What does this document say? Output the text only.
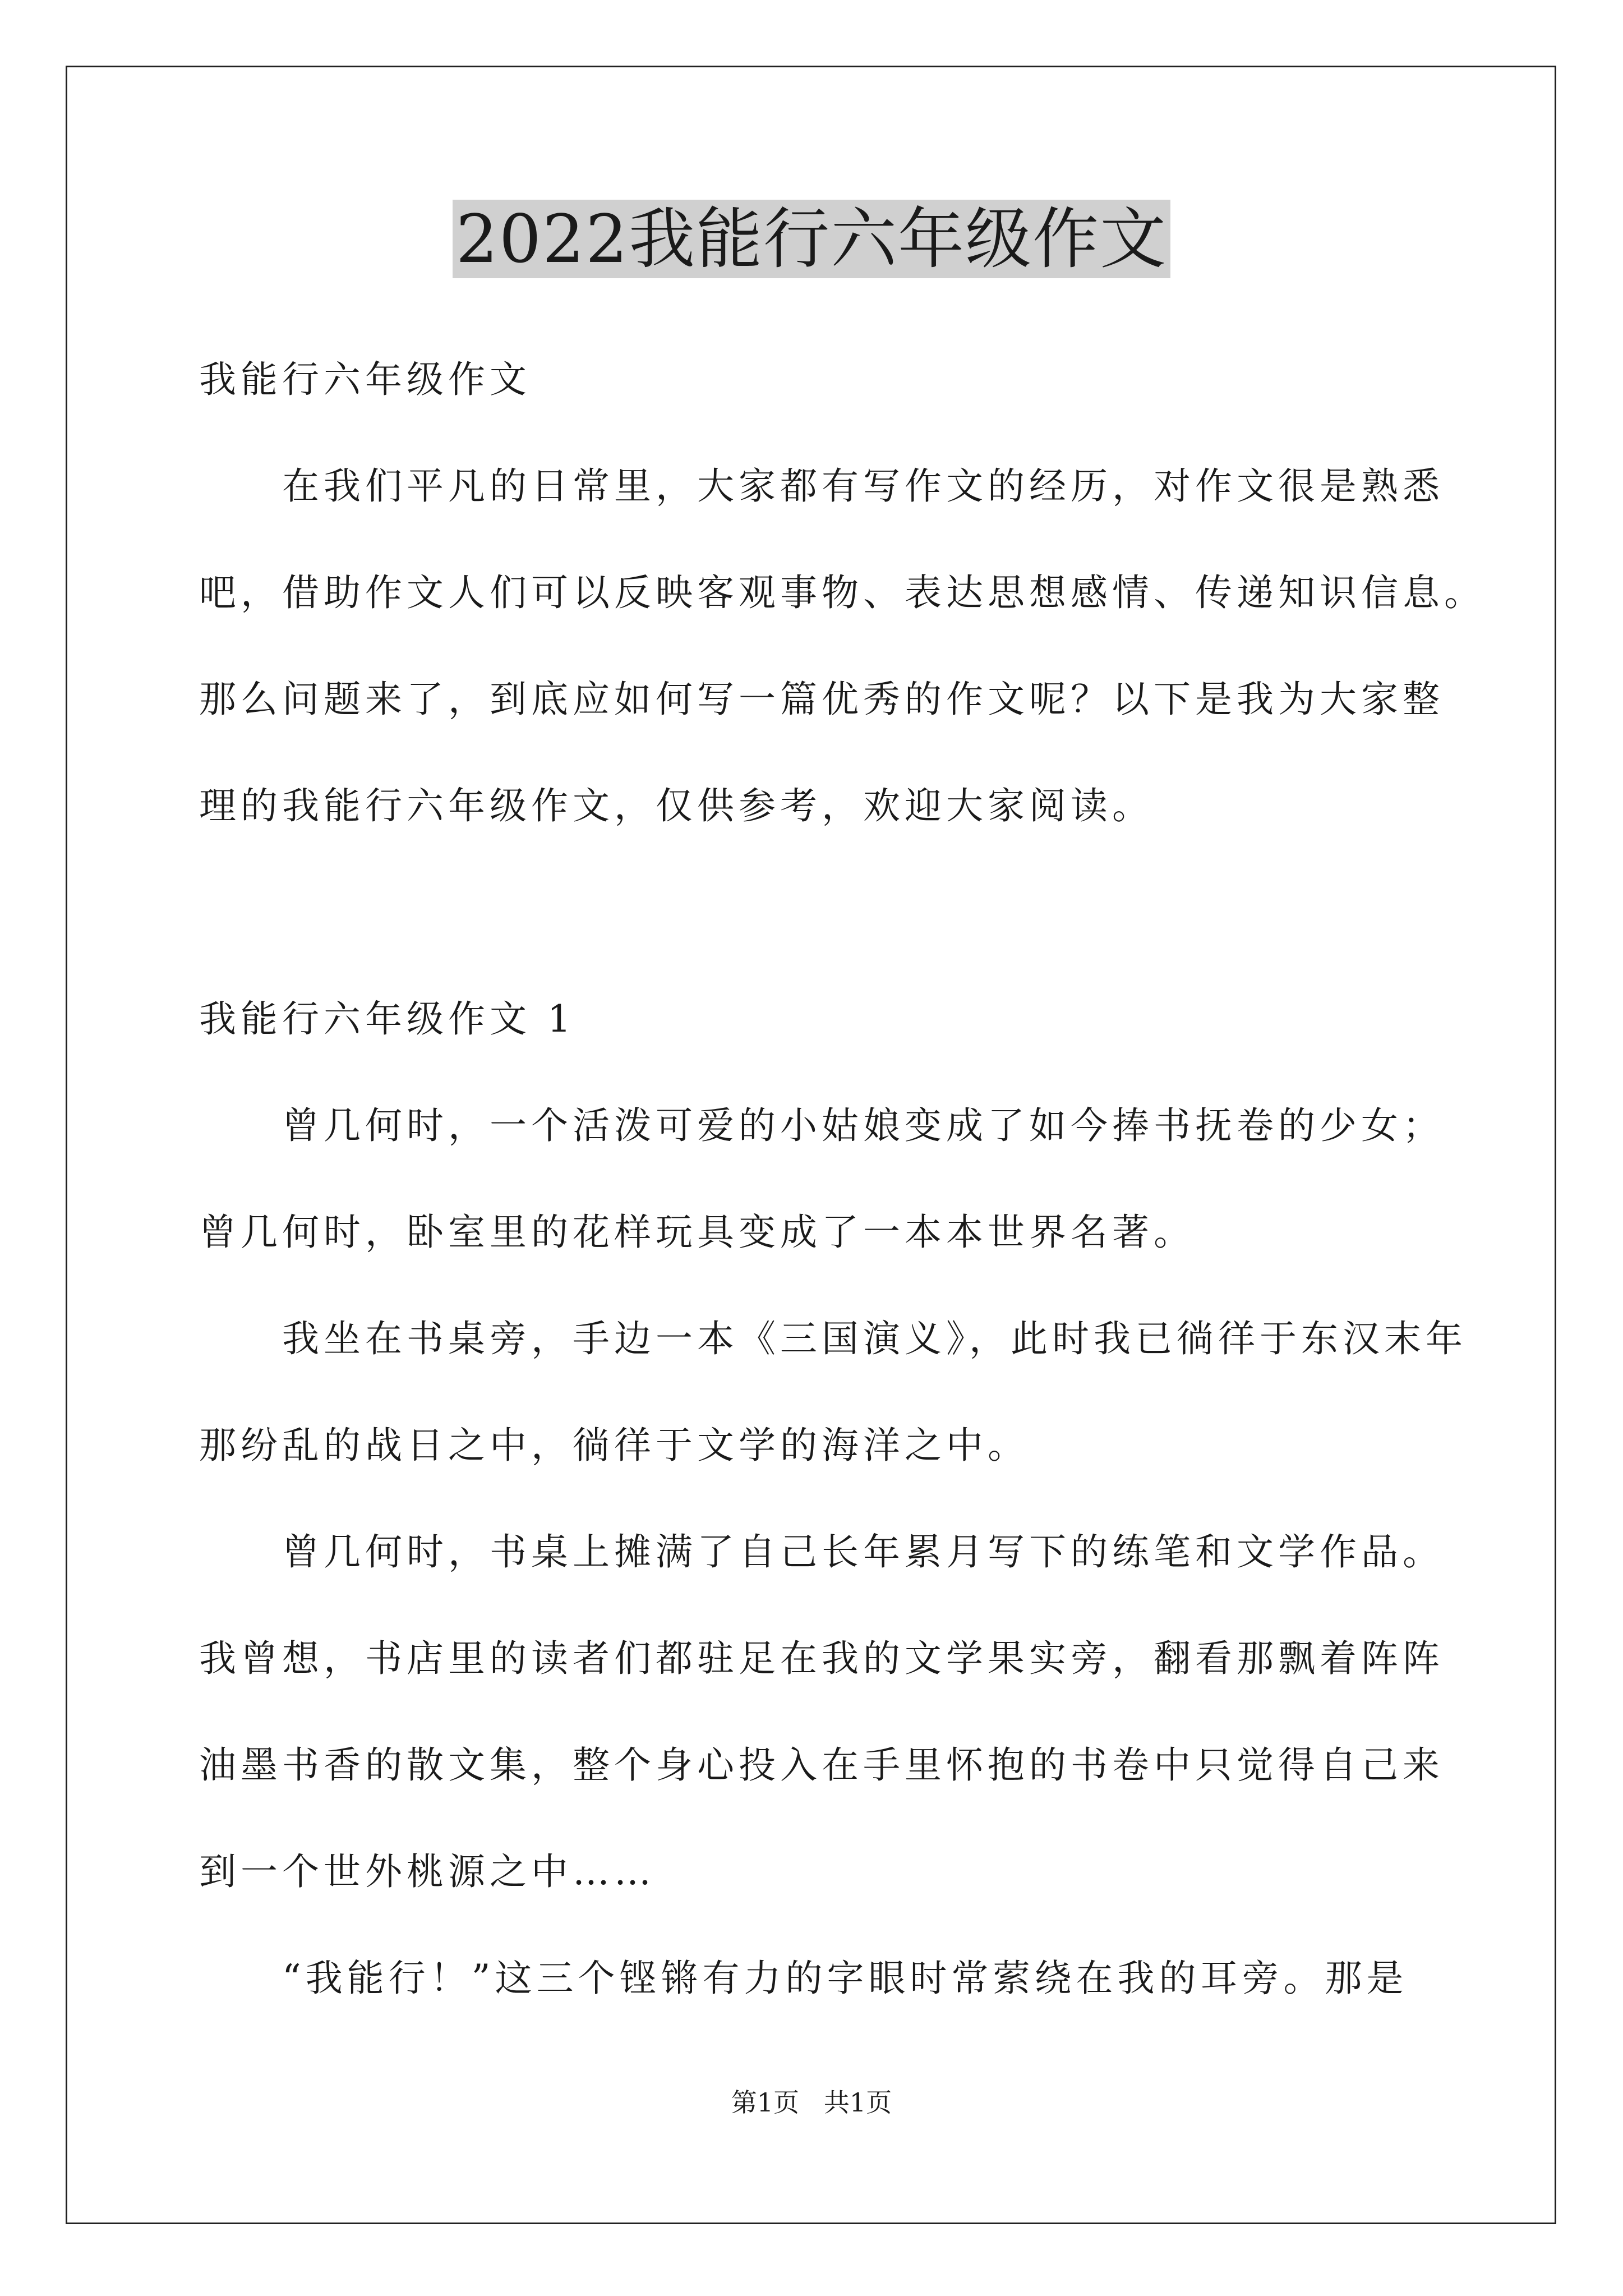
2022我能行六年级作文
我能行六年级作文
　　在我们平凡的日常里，大家都有写作文的经历，对作文很是熟悉
吧，借助作文人们可以反映客观事物、表达思想感情、传递知识信息。
那么问题来了，到底应如何写一篇优秀的作文呢？以下是我为大家整
理的我能行六年级作文，仅供参考，欢迎大家阅读。
我能行六年级作文 1
　　曾几何时，一个活泼可爱的小姑娘变成了如今捧书抚卷的少女；
曾几何时，卧室里的花样玩具变成了一本本世界名著。
　　我坐在书桌旁，手边一本《三国演义》，此时我已徜徉于东汉末年
那纷乱的战日之中，徜徉于文学的海洋之中。
　　曾几何时，书桌上摊满了自己长年累月写下的练笔和文学作品。
我曾想，书店里的读者们都驻足在我的文学果实旁，翻看那飘着阵阵
油墨书香的散文集，整个身心投入在手里怀抱的书卷中只觉得自己来
到一个世外桃源之中……
　　“我能行！”这三个铿锵有力的字眼时常萦绕在我的耳旁。那是
第1页   共1页
